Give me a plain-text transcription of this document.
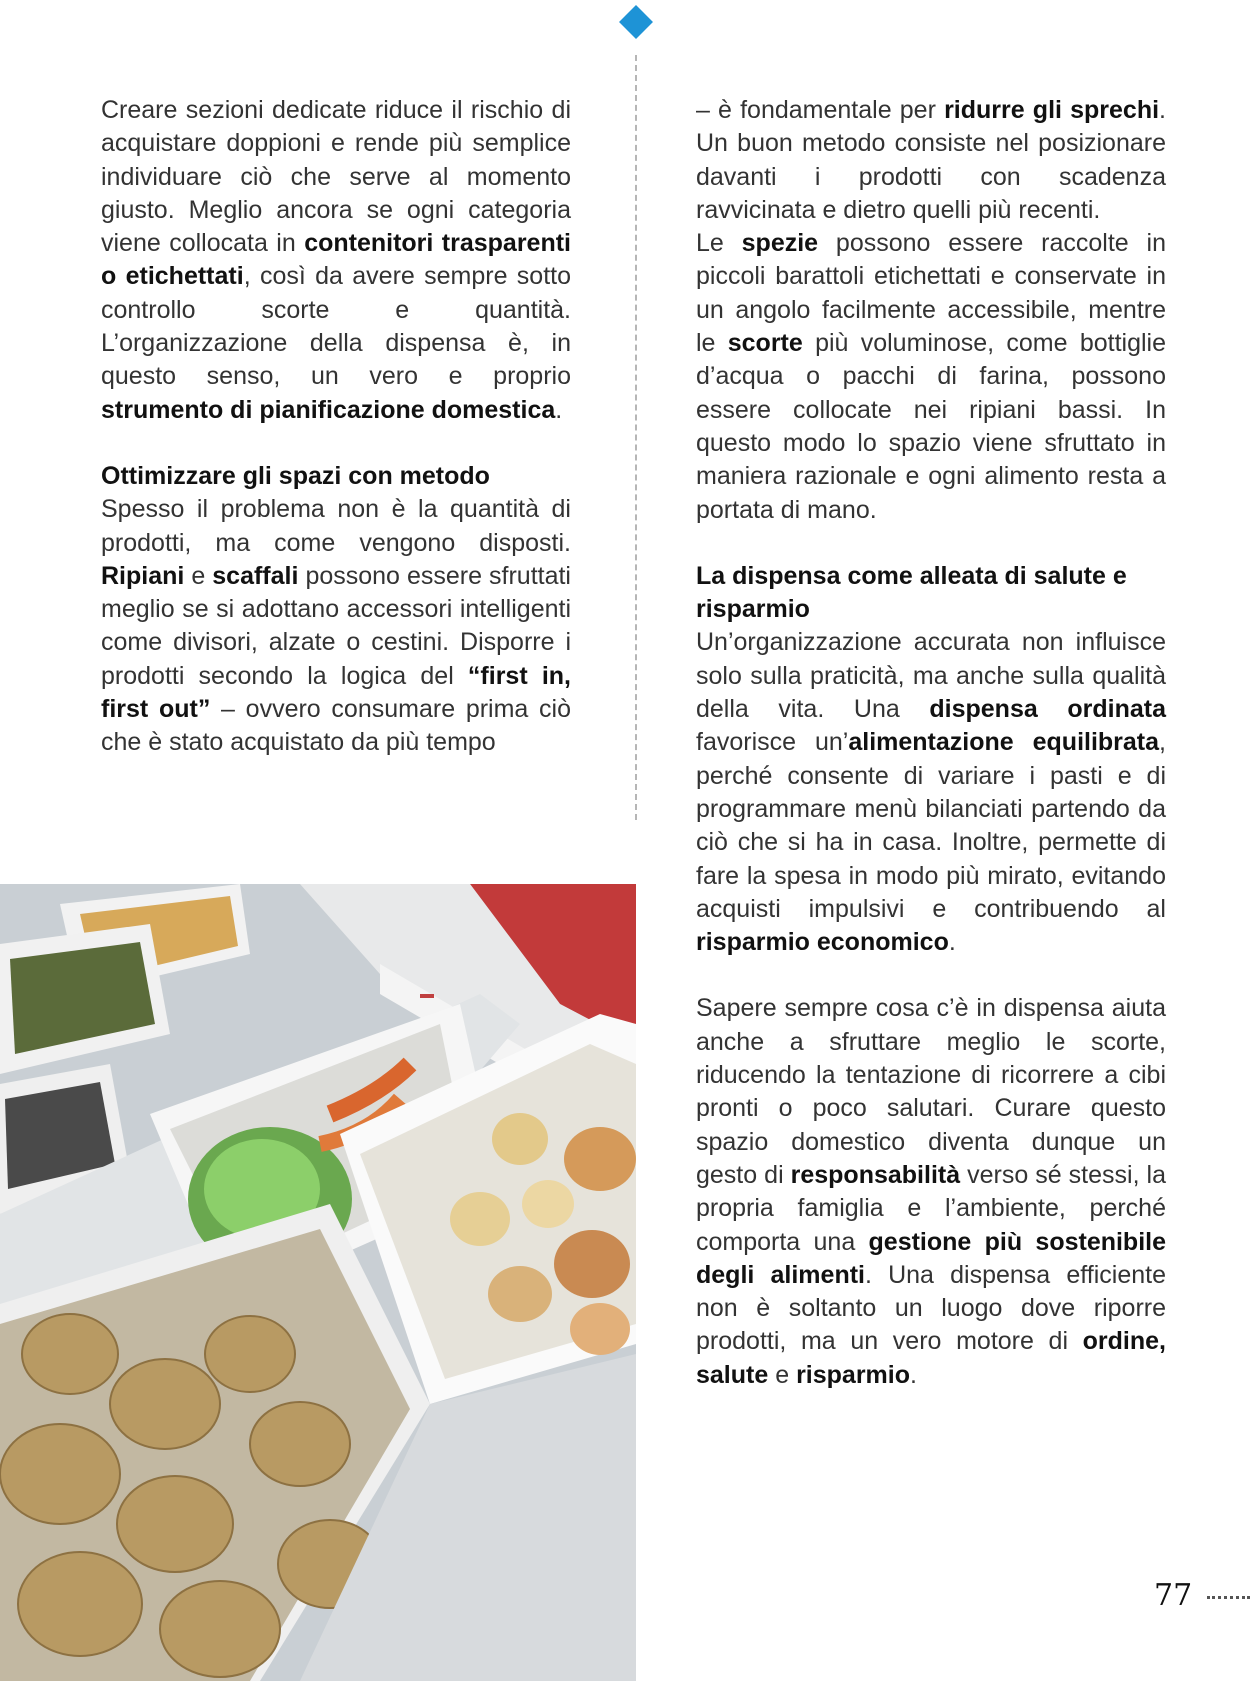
Creare sezioni dedicate riduce il rischio di acquistare doppioni e rende più semplice individuare ciò che serve al momento giusto. Meglio ancora se ogni categoria viene collocata in contenitori trasparenti o etichettati, così da avere sempre sotto controllo scorte e quantità. L’organizzazione della dispensa è, in questo senso, un vero e proprio strumento di pianificazione domestica.

Ottimizzare gli spazi con metodo

Spesso il problema non è la quantità di prodotti, ma come vengono disposti. Ripiani e scaffali possono essere sfruttati meglio se si adottano accessori intelligenti come divisori, alzate o cestini. Disporre i prodotti secondo la logica del “first in, first out” – ovvero consumare prima ciò che è stato acquistato da più tempo

– è fondamentale per ridurre gli sprechi. Un buon metodo consiste nel posizionare davanti i prodotti con scadenza ravvicinata e dietro quelli più recenti.

Le spezie possono essere raccolte in piccoli barattoli etichettati e conservate in un angolo facilmente accessibile, mentre le scorte più voluminose, come bottiglie d’acqua o pacchi di farina, possono essere collocate nei ripiani bassi. In questo modo lo spazio viene sfruttato in maniera razionale e ogni alimento resta a portata di mano.

La dispensa come alleata di salute e risparmio

Un’organizzazione accurata non influisce solo sulla praticità, ma anche sulla qualità della vita. Una dispensa ordinata favorisce un’alimentazione equilibrata, perché consente di variare i pasti e di programmare menù bilanciati partendo da ciò che si ha in casa. Inoltre, permette di fare la spesa in modo più mirato, evitando acquisti impulsivi e contribuendo al risparmio economico.

Sapere sempre cosa c’è in dispensa aiuta anche a sfruttare meglio le scorte, riducendo la tentazione di ricorrere a cibi pronti o poco salutari. Curare questo spazio domestico diventa dunque un gesto di responsabilità verso sé stessi, la propria famiglia e l’ambiente, perché comporta una gestione più sostenibile degli alimenti. Una dispensa efficiente non è soltanto un luogo dove riporre prodotti, ma un vero motore di ordine, salute e risparmio.

77
